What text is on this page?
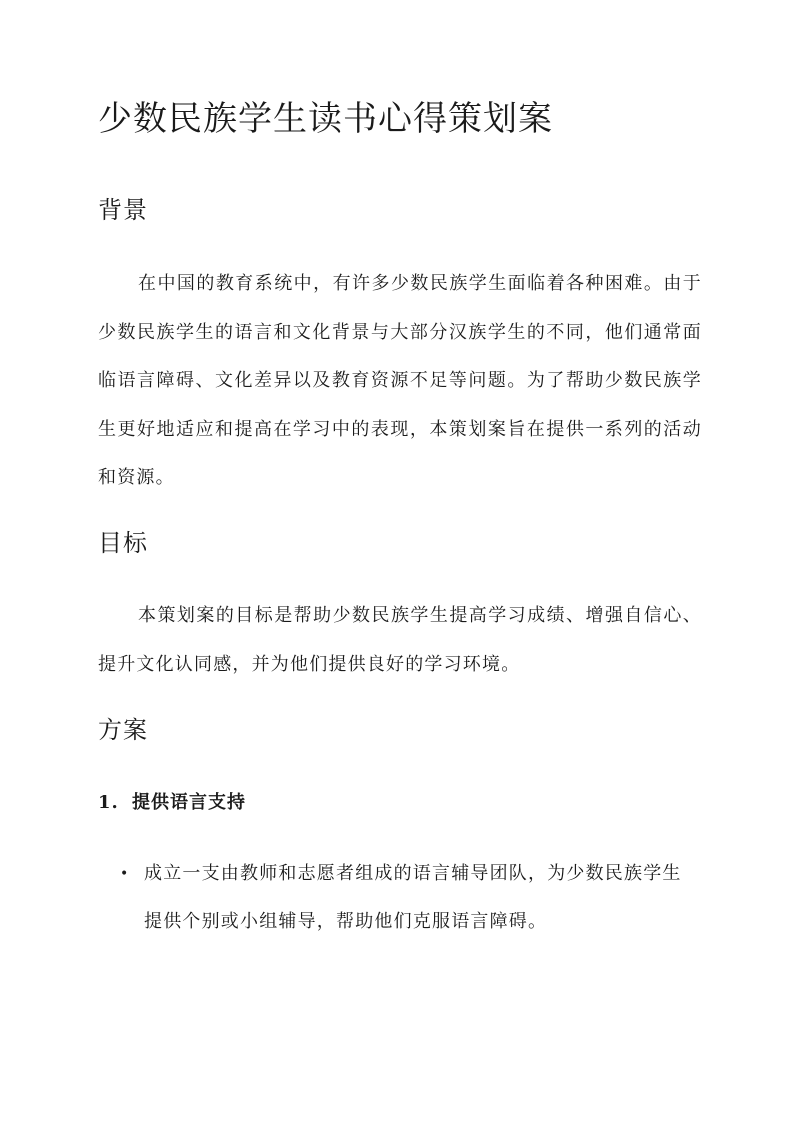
少数民族学生读书心得策划案
背景

在中国的教育系统中，有许多少数民族学生面临着各种困难。由于少数民族学生的语言和文化背景与大部分汉族学生的不同，他们通常面临语言障碍、文化差异以及教育资源不足等问题。为了帮助少数民族学生更好地适应和提高在学习中的表现，本策划案旨在提供一系列的活动和资源。

目标

本策划案的目标是帮助少数民族学生提高学习成绩、增强自信心、提升文化认同感，并为他们提供良好的学习环境。

方案
1. 提供语言支持
• 成立一支由教师和志愿者组成的语言辅导团队，为少数民族学生提供个别或小组辅导，帮助他们克服语言障碍。
